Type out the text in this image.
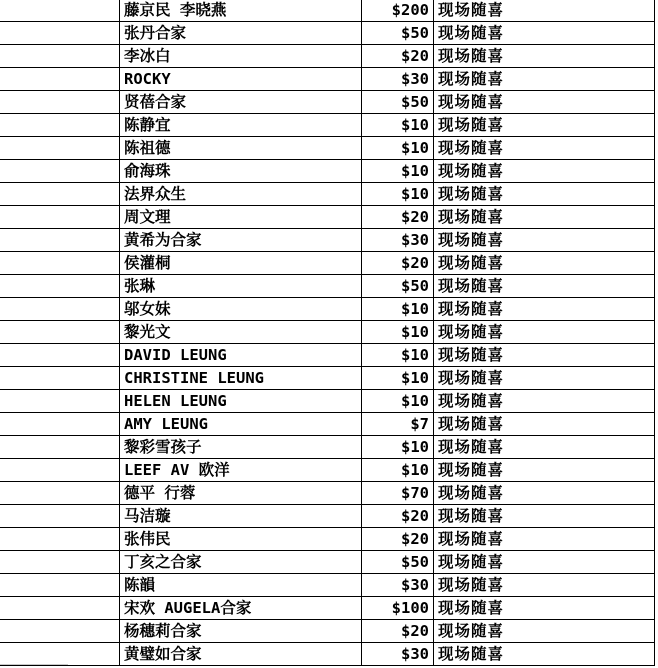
	藤京民 李晓燕	$200	现场随喜
	张丹合家	$50	现场随喜
	李冰白	$20	现场随喜
	ROCKY	$30	现场随喜
	贤蓓合家	$50	现场随喜
	陈静宜	$10	现场随喜
	陈祖德	$10	现场随喜
	俞海珠	$10	现场随喜
	法界众生	$10	现场随喜
	周文理	$20	现场随喜
	黄希为合家	$30	现场随喜
	侯灌桐	$20	现场随喜
	张琳	$50	现场随喜
	邬女妹	$10	现场随喜
	黎光文	$10	现场随喜
	DAVID LEUNG	$10	现场随喜
	CHRISTINE LEUNG	$10	现场随喜
	HELEN LEUNG	$10	现场随喜
	AMY LEUNG	$7	现场随喜
	黎彩雪孩子	$10	现场随喜
	LEEF AV 欧洋	$10	现场随喜
	德平 行蓉	$70	现场随喜
	马洁璇	$20	现场随喜
	张伟民	$20	现场随喜
	丁亥之合家	$50	现场随喜
	陈韻	$30	现场随喜
	宋欢 AUGELA合家	$100	现场随喜
	杨穗莉合家	$20	现场随喜
	黄璧如合家	$30	现场随喜
